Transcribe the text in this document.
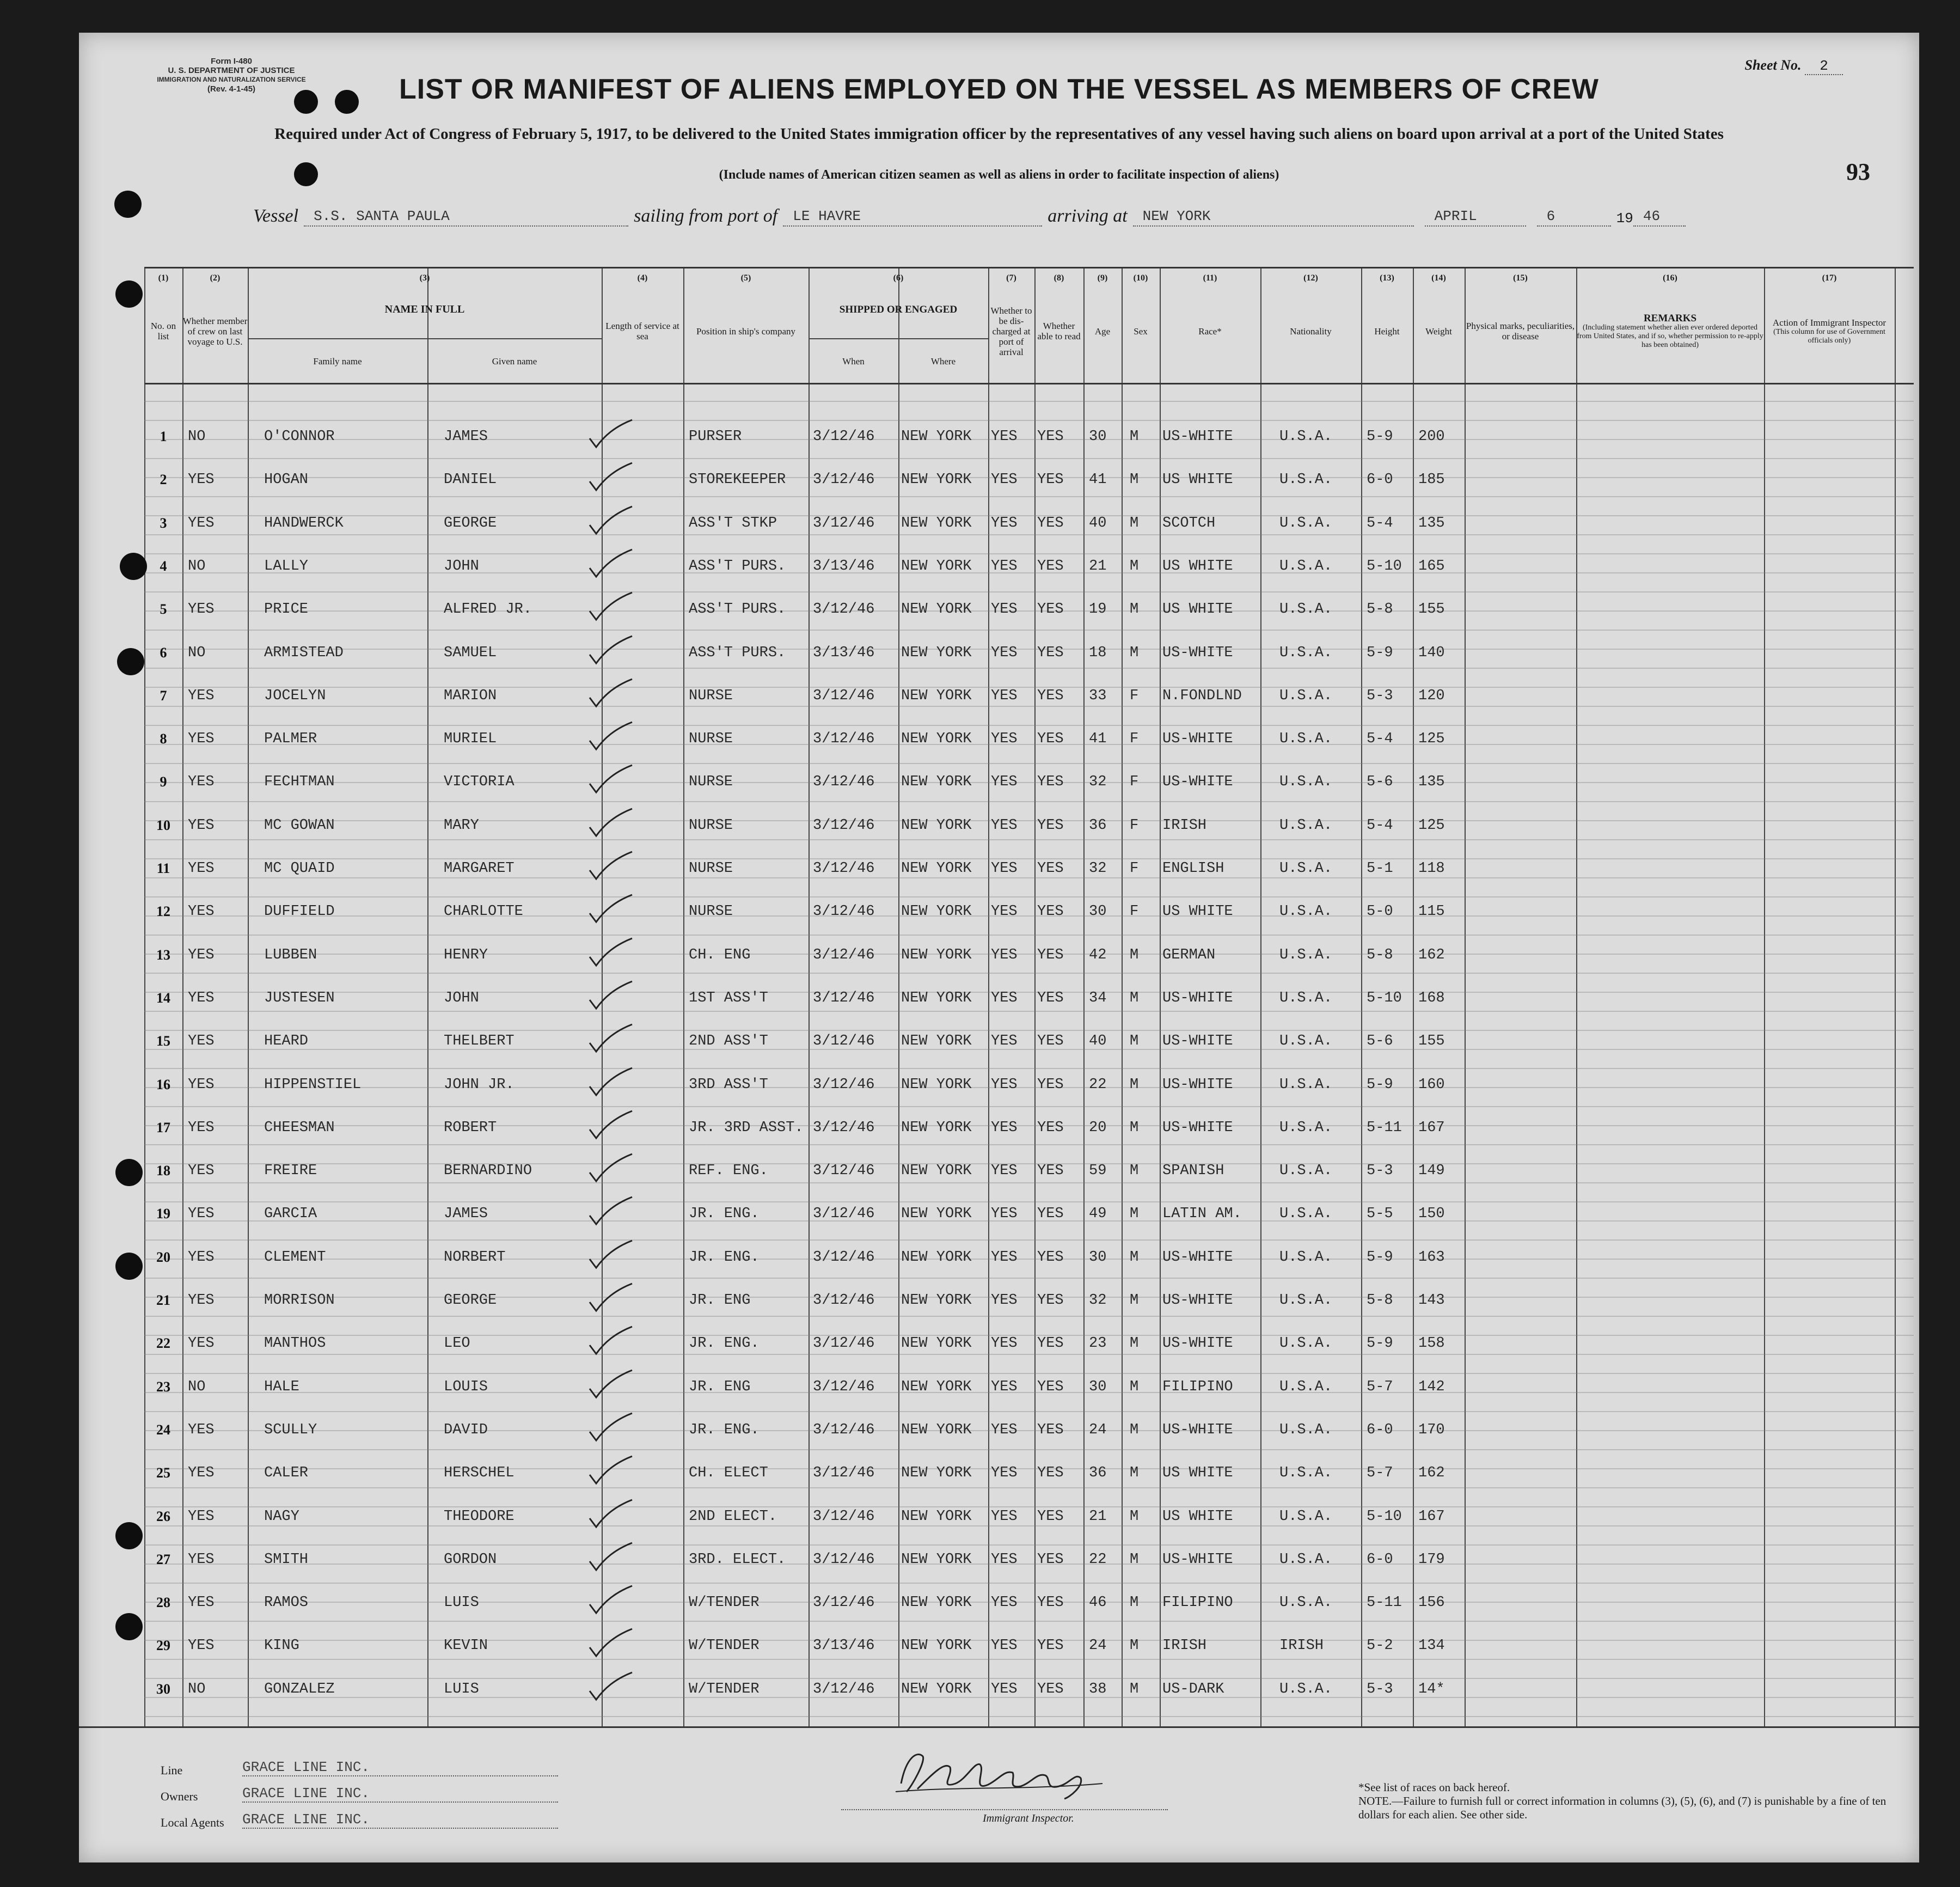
Form I-480
U. S. DEPARTMENT OF JUSTICE
IMMIGRATION AND NATURALIZATION SERVICE
(Rev. 4-1-45)
Sheet No. 2
93
LIST OR MANIFEST OF ALIENS EMPLOYED ON THE VESSEL AS MEMBERS OF CREW
Required under Act of Congress of February 5, 1917, to be delivered to the United States immigration officer by the representatives of any vessel having such aliens on board upon arrival at a port of the United States
(Include names of American citizen seamen as well as aliens in order to facilitate inspection of aliens)
Vessel	S.S. SANTA PAULA	sailing from port of	LE HAVRE	arriving at	NEW YORK	APRIL	6	19 46
No. on list
Whether member of crew on last voyage to U.S.
NAME IN FULL
Family name	Given name
Length of service at sea	Position in ship's company
SHIPPED OR ENGAGED
When	Where
Whether to be dis-charged at port of arrival
Whether able to read	Age	Sex	Race*	Nationality	Height	Weight Physical marks, peculiarities, or disease
REMARKS
(Including statement whether alien ever ordered deported from United States, and if so, whether permission to re-apply has been obtained)
Action of Immigrant Inspector
(This column for use of Government officials only)
(1)	(2)	(3)	(4)	(5)	(6)	(7)	(8)	(9)	(10)	(11)	(12)	(13)	(14)	(15)	(16)	(17)
1	NO	O'CONNOR	JAMES	PURSER	3/12/46	NEW YORK	YES	YES	30	M	US-WHITE	U.S.A.	5-9	200
2	YES	HOGAN	DANIEL	STOREKEEPER	3/12/46	NEW YORK	YES	YES	41	M	US WHITE	U.S.A.	6-0	185
3	YES	HANDWERCK	GEORGE	ASS'T STKP	3/12/46	NEW YORK	YES	YES	40	M	SCOTCH	U.S.A.	5-4	135
4	NO	LALLY	JOHN	ASS'T PURS.	3/13/46	NEW YORK	YES	YES	21	M	US WHITE	U.S.A.	5-10	165
5	YES	PRICE	ALFRED JR.	ASS'T PURS.	3/12/46	NEW YORK	YES	YES	19	M	US WHITE	U.S.A.	5-8	155
6	NO	ARMISTEAD	SAMUEL	ASS'T PURS.	3/13/46	NEW YORK	YES	YES	18	M	US-WHITE	U.S.A.	5-9	140
7	YES	JOCELYN	MARION	NURSE	3/12/46	NEW YORK	YES	YES	33	F	N.FONDLND	U.S.A.	5-3	120
8	YES	PALMER	MURIEL	NURSE	3/12/46	NEW YORK	YES	YES	41	F	US-WHITE	U.S.A.	5-4	125
9	YES	FECHTMAN	VICTORIA	NURSE	3/12/46	NEW YORK	YES	YES	32	F	US-WHITE	U.S.A.	5-6	135
10	YES	MC GOWAN	MARY	NURSE	3/12/46	NEW YORK	YES	YES	36	F	IRISH	U.S.A.	5-4	125
11	YES	MC QUAID	MARGARET	NURSE	3/12/46	NEW YORK	YES	YES	32	F	ENGLISH	U.S.A.	5-1	118
12	YES	DUFFIELD	CHARLOTTE	NURSE	3/12/46	NEW YORK	YES	YES	30	F	US WHITE	U.S.A.	5-0	115
13	YES	LUBBEN	HENRY	CH. ENG	3/12/46	NEW YORK	YES	YES	42	M	GERMAN	U.S.A.	5-8	162
14	YES	JUSTESEN	JOHN	1ST ASS'T	3/12/46	NEW YORK	YES	YES	34	M	US-WHITE	U.S.A.	5-10	168
15	YES	HEARD	THELBERT	2ND ASS'T	3/12/46	NEW YORK	YES	YES	40	M	US-WHITE	U.S.A.	5-6	155
16	YES	HIPPENSTIEL	JOHN JR.	3RD ASS'T	3/12/46	NEW YORK	YES	YES	22	M	US-WHITE	U.S.A.	5-9	160
17	YES	CHEESMAN	ROBERT	JR. 3RD ASST. 3/12/46	NEW YORK	YES	YES	20	M	US-WHITE	U.S.A.	5-11	167
18	YES	FREIRE	BERNARDINO	REF. ENG.	3/12/46	NEW YORK	YES	YES	59	M	SPANISH	U.S.A.	5-3	149
19	YES	GARCIA	JAMES	JR. ENG.	3/12/46	NEW YORK	YES	YES	49	M	LATIN AM.	U.S.A.	5-5	150
20	YES	CLEMENT	NORBERT	JR. ENG.	3/12/46	NEW YORK	YES	YES	30	M	US-WHITE	U.S.A.	5-9	163
21	YES	MORRISON	GEORGE	JR. ENG	3/12/46	NEW YORK	YES	YES	32	M	US-WHITE	U.S.A.	5-8	143
22	YES	MANTHOS	LEO	JR. ENG.	3/12/46	NEW YORK	YES	YES	23	M	US-WHITE	U.S.A.	5-9	158
23	NO	HALE	LOUIS	JR. ENG	3/12/46	NEW YORK	YES	YES	30	M	FILIPINO	U.S.A.	5-7	142
24	YES	SCULLY	DAVID	JR. ENG.	3/12/46	NEW YORK	YES	YES	24	M	US-WHITE	U.S.A.	6-0	170
25	YES	CALER	HERSCHEL	CH. ELECT	3/12/46	NEW YORK	YES	YES	36	M	US WHITE	U.S.A.	5-7	162
26	YES	NAGY	THEODORE	2ND ELECT.	3/12/46	NEW YORK	YES	YES	21	M	US WHITE	U.S.A.	5-10	167
27	YES	SMITH	GORDON	3RD. ELECT.	3/12/46	NEW YORK	YES	YES	22	M	US-WHITE	U.S.A.	6-0	179
28	YES	RAMOS	LUIS	W/TENDER	3/12/46	NEW YORK	YES	YES	46	M	FILIPINO	U.S.A.	5-11	156
29	YES	KING	KEVIN	W/TENDER	3/13/46	NEW YORK	YES	YES	24	M	IRISH	IRISH	5-2	134
30	NO	GONZALEZ	LUIS	W/TENDER	3/12/46	NEW YORK	YES	YES	38	M	US-DARK	U.S.A.	5-3	14*
Line	GRACE LINE INC.
Owners	GRACE LINE INC.
Local Agents GRACE LINE INC.	Immigrant Inspector.
*See list of races on back hereof.
NOTE.—Failure to furnish full or correct information in columns (3), (5), (6), and (7) is punishable by a fine of ten dollars for each alien. See other side.
